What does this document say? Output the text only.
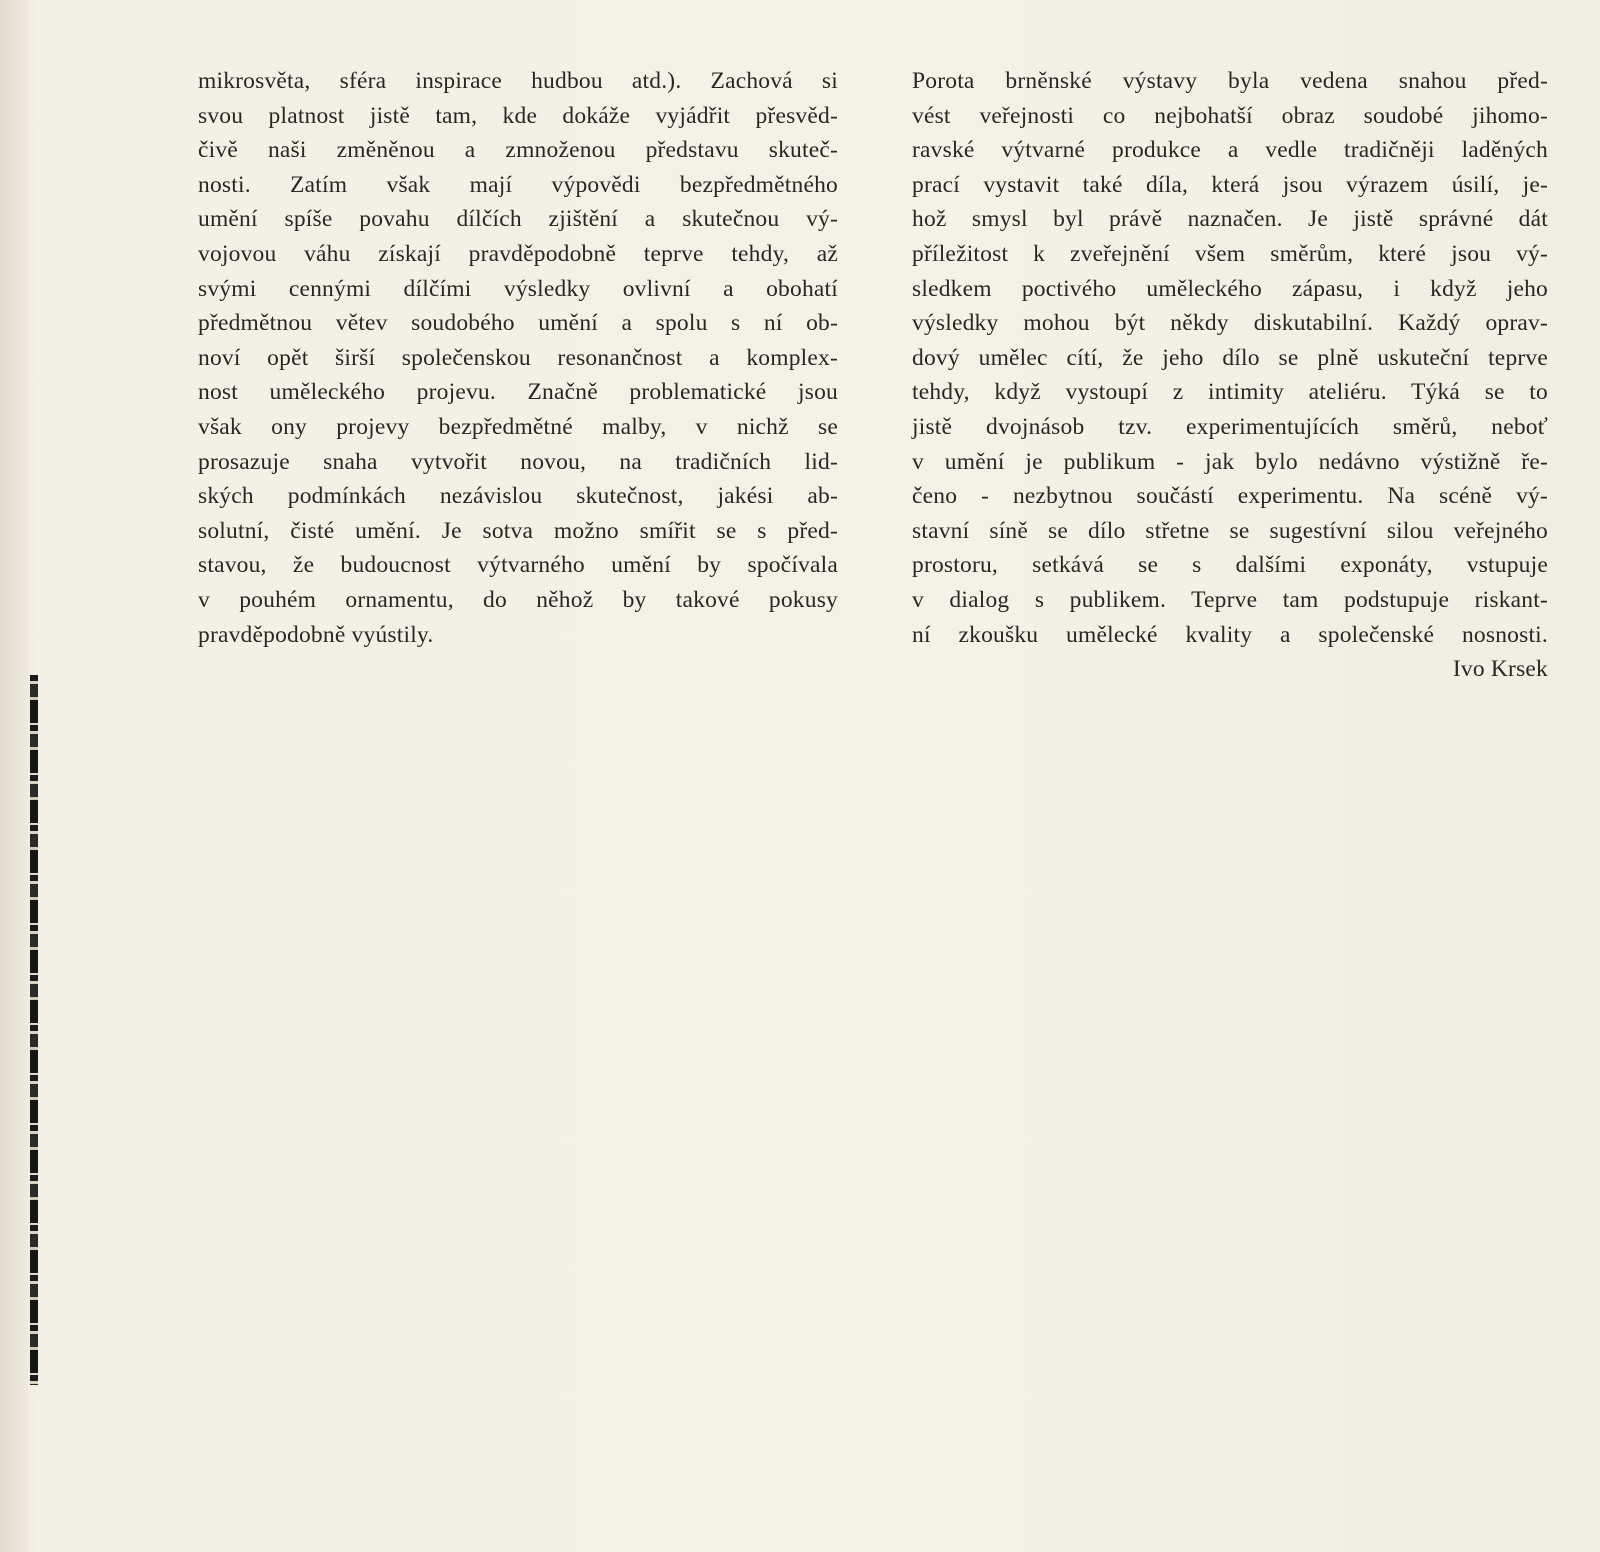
mikrosvěta, sféra inspirace hudbou atd.). Zachová si
svou platnost jistě tam, kde dokáže vyjádřit přesvěd-
čivě naši změněnou a zmnoženou představu skuteč-
nosti. Zatím však mají výpovědi bezpředmětného
umění spíše povahu dílčích zjištění a skutečnou vý-
vojovou váhu získají pravděpodobně teprve tehdy, až
svými cennými dílčími výsledky ovlivní a obohatí
předmětnou větev soudobého umění a spolu s ní ob-
noví opět širší společenskou resonančnost a komplex-
nost uměleckého projevu. Značně problematické jsou
však ony projevy bezpředmětné malby, v nichž se
prosazuje snaha vytvořit novou, na tradičních lid-
ských podmínkách nezávislou skutečnost, jakési ab-
solutní, čisté umění. Je sotva možno smířit se s před-
stavou, že budoucnost výtvarného umění by spočívala
v pouhém ornamentu, do něhož by takové pokusy
pravděpodobně vyústily.
Porota brněnské výstavy byla vedena snahou před-
vést veřejnosti co nejbohatší obraz soudobé jihomo-
ravské výtvarné produkce a vedle tradičněji laděných
prací vystavit také díla, která jsou výrazem úsilí, je-
hož smysl byl právě naznačen. Je jistě správné dát
příležitost k zveřejnění všem směrům, které jsou vý-
sledkem poctivého uměleckého zápasu, i když jeho
výsledky mohou být někdy diskutabilní. Každý oprav-
dový umělec cítí, že jeho dílo se plně uskuteční teprve
tehdy, když vystoupí z intimity ateliéru. Týká se to
jistě dvojnásob tzv. experimentujících směrů, neboť
v umění je publikum - jak bylo nedávno výstižně ře-
čeno - nezbytnou součástí experimentu. Na scéně vý-
stavní síně se dílo střetne se sugestívní silou veřejného
prostoru, setkává se s dalšími exponáty, vstupuje
v dialog s publikem. Teprve tam podstupuje riskant-
ní zkoušku umělecké kvality a společenské nosnosti.
Ivo Krsek
